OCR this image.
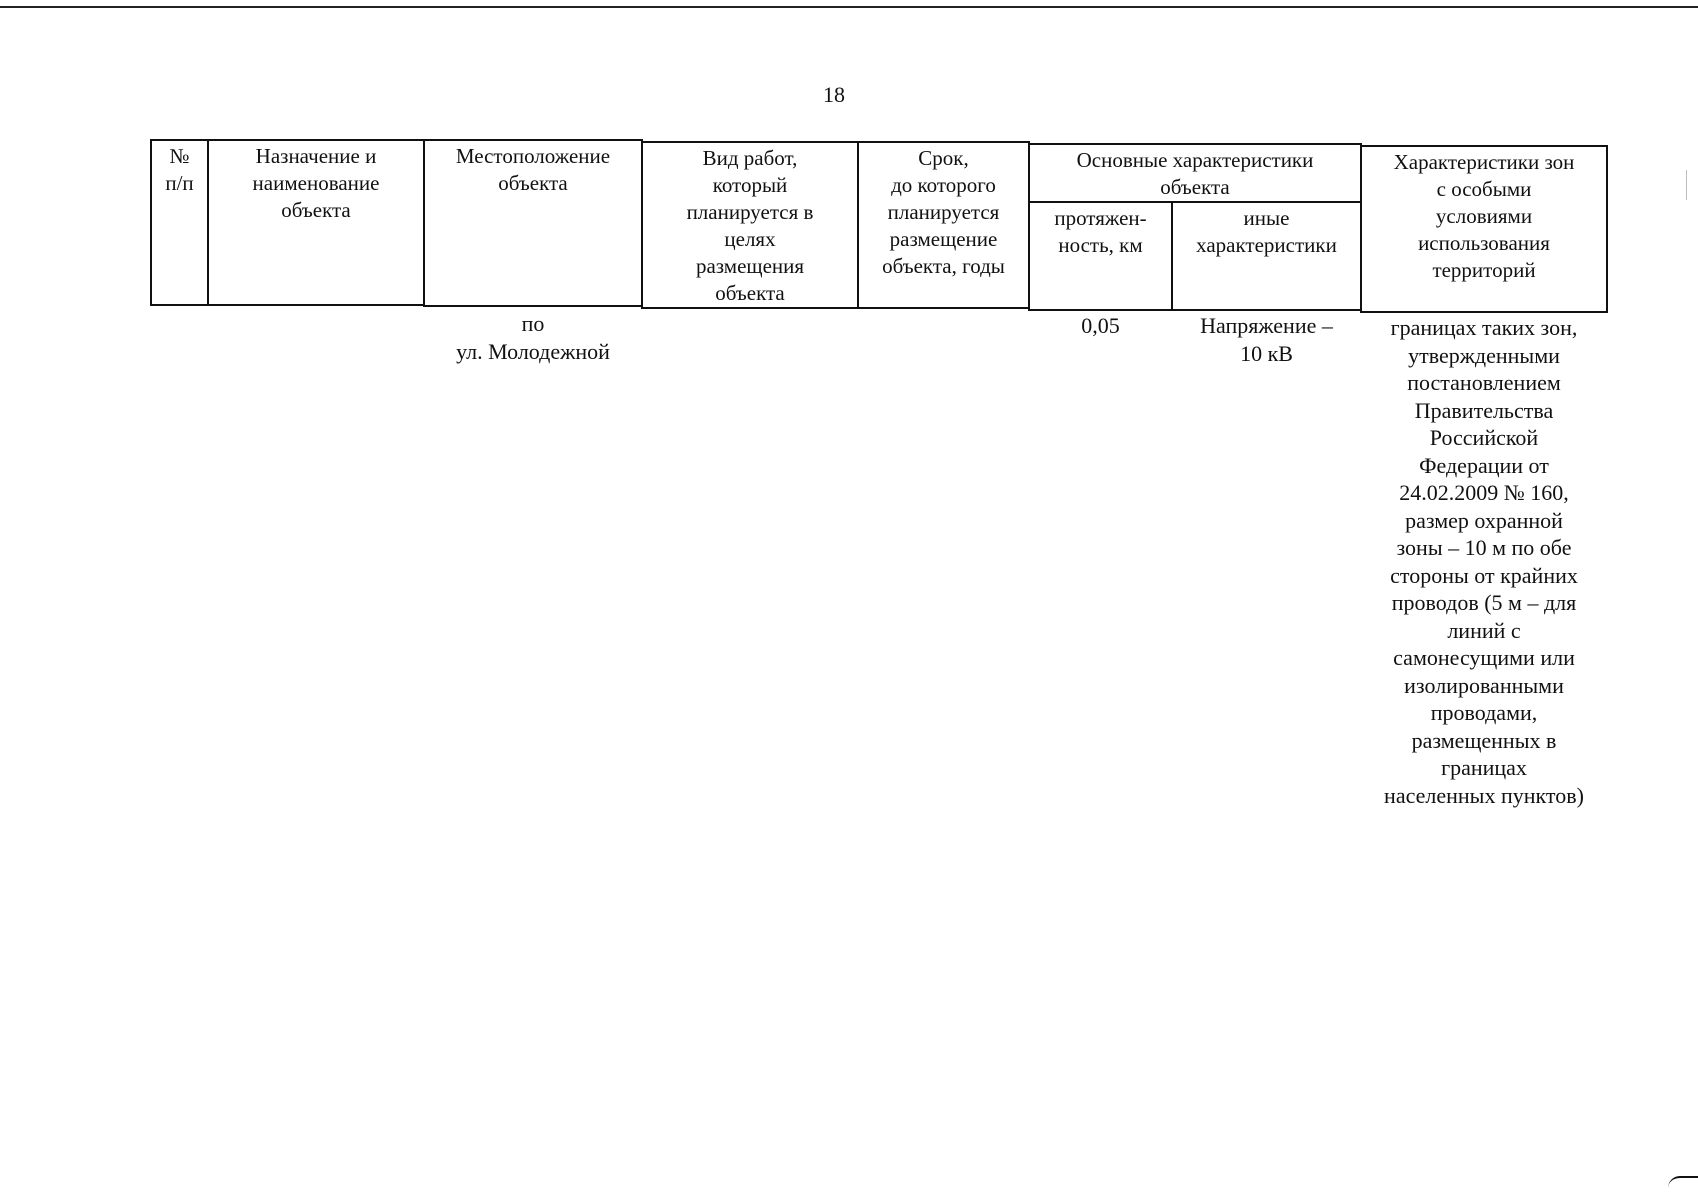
18
№
п/п
Назначение и
наименование
объекта
Местоположение
объекта
Вид работ,
который
планируется в
целях
размещения
объекта
Срок,
до которого
планируется
размещение
объекта, годы
Основные характеристики
объекта
протяжен-
ность, км
иные
характеристики
Характеристики зон
с особыми
условиями
использования
территорий
по
ул. Молодежной
0,05	Напряжение –
10 кВ
границах таких зон,
утвержденными
постановлением
Правительства
Российской
Федерации от
24.02.2009 № 160,
размер охранной
зоны – 10 м по обе
стороны от крайних
проводов (5 м – для
линий с
самонесущими или
изолированными
проводами,
размещенных в
границах
населенных пунктов)
